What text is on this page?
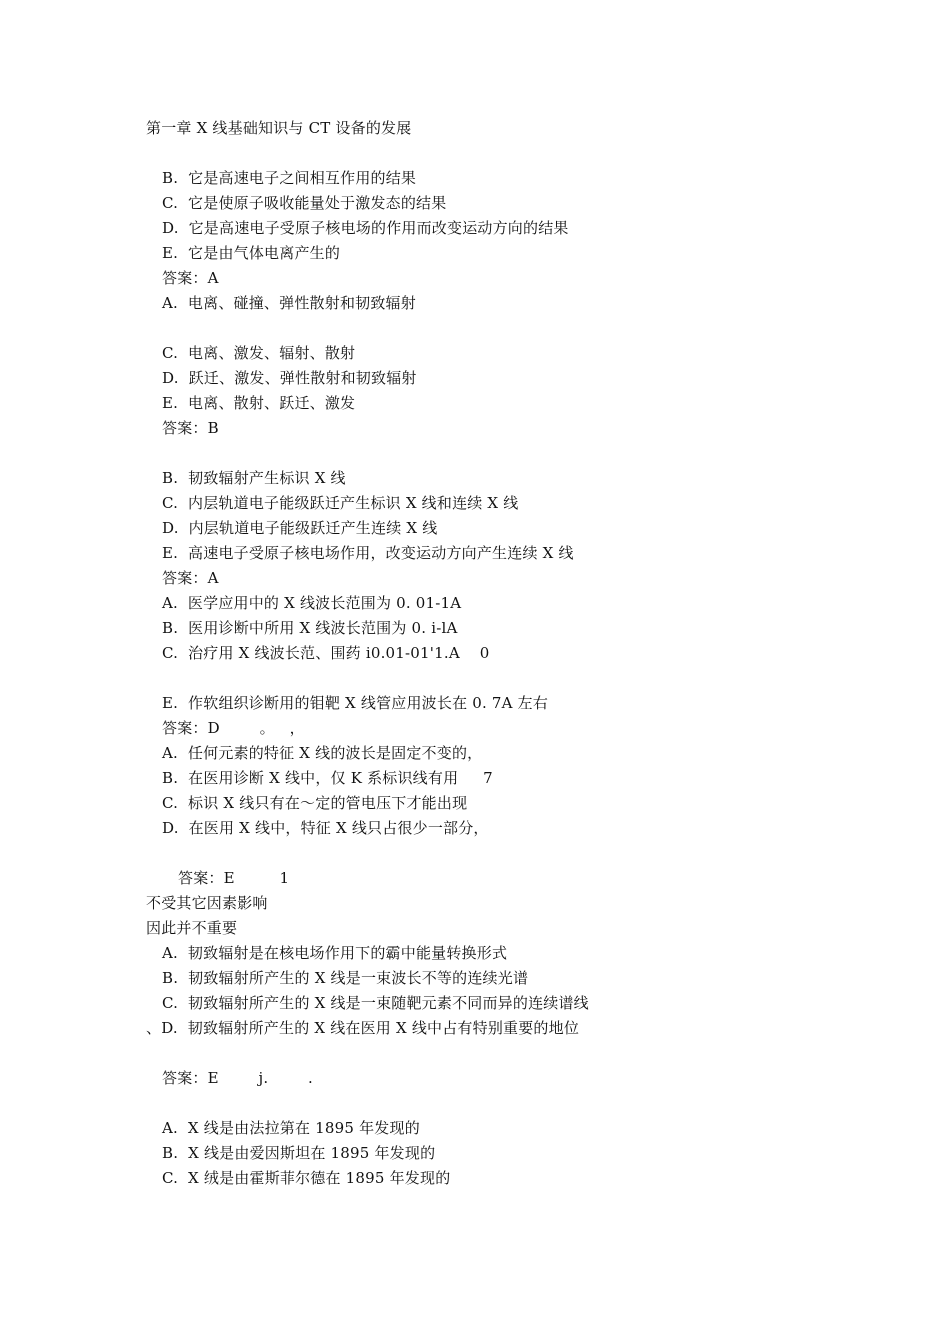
第一章 X 线基础知识与 CT 设备的发展
B.  它是高速电子之间相互作用的结果
C.  它是使原子吸收能量处于激发态的结果
D.  它是高速电子受原子核电场的作用而改变运动方向的结果
E.  它是由气体电离产生的
答案：A
A.  电离、碰撞、弹性散射和韧致辐射
C.  电离、激发、辐射、散射
D.  跃迁、激发、弹性散射和韧致辐射
E.  电离、散射、跃迁、激发
答案：B
B.  韧致辐射产生标识 X 线
C.  内层轨道电子能级跃迁产生标识 X 线和连续 X 线
D.  内层轨道电子能级跃迁产生连续 X 线
E.  高速电子受原子核电场作用，改变运动方向产生连续 X 线
答案：A
A.  医学应用中的 X 线波长范围为 0. 01-1A
B.  医用诊断中所用 X 线波长范围为 0. i-lA
C.  治疗用 X 线波长范、围药 i0.01-01'1.A    0
E.  作软组织诊断用的钼靶 X 线管应用波长在 0. 7A 左右
答案：D        。   ，
A.  任何元素的特征 X 线的波长是固定不变的，
B.  在医用诊断 X 线中，仅 K 系标识线有用     7
C.  标识 X 线只有在～定的管电压下才能出现
D.  在医用 X 线中，特征 X 线只占很少一部分，
答案：E         1
不受其它因素影响
因此并不重要
A.  韧致辐射是在核电场作用下的霸中能量转换形式
B.  韧致辐射所产生的 X 线是一束波长不等的连续光谱
C.  韧致辐射所产生的 X 线是一束随靶元素不同而异的连续谱线
、D.  韧致辐射所产生的 X 线在医用 X 线中占有特别重要的地位
答案：E        j.        .
A.  X 线是由法拉第在 1895 年发现的
B.  X 线是由爱因斯坦在 1895 年发现的
C.  X 绒是由霍斯菲尔德在 1895 年发现的
